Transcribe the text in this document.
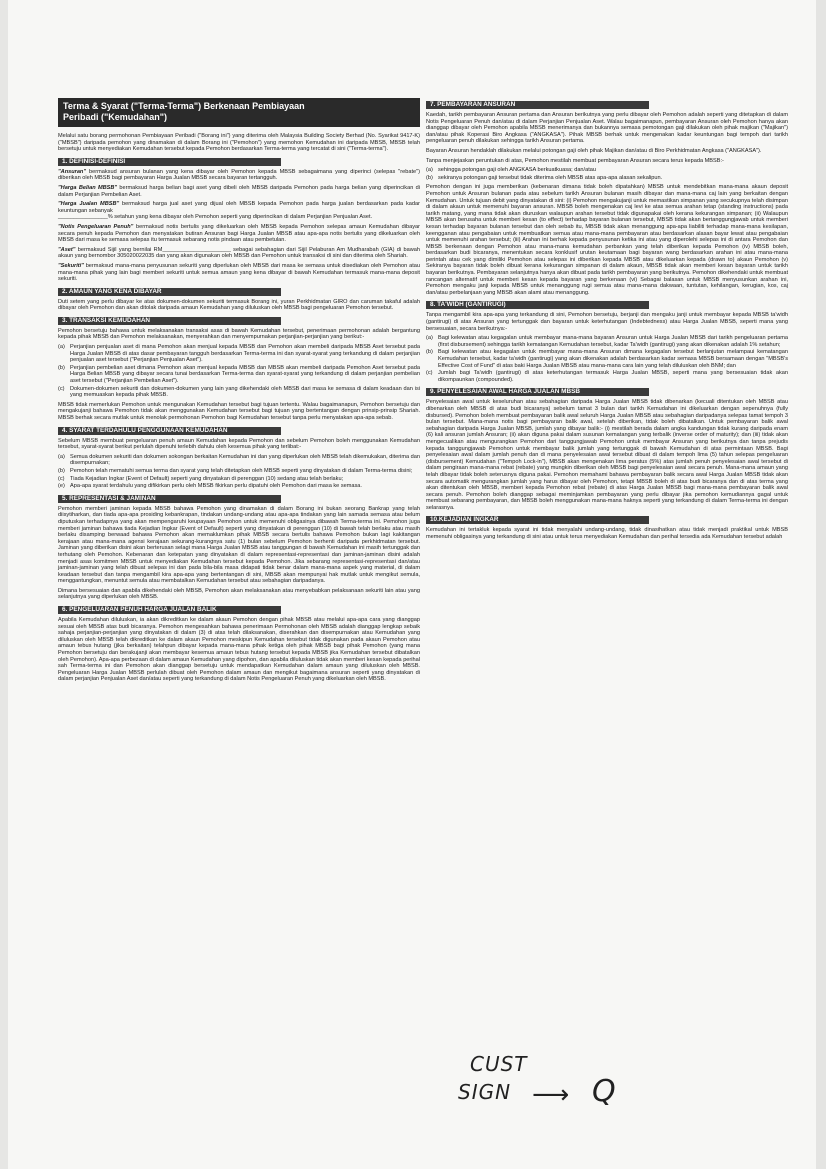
Terma & Syarat ("Terma-Terma") Berkenaan Pembiayaan
Peribadi ("Kemudahan")

Melalui satu borang permohonan Pembiayaan Peribadi ("Borang ini") yang diterima oleh Malaysia Building Society Berhad (No. Syarikat 9417-K) ("MBSB") daripada pemohon yang dinamakan di dalam Borang ini ("Pemohon") yang memohon Kemudahan ini daripada MBSB, MBSB telah bersetuju untuk menyediakan Kemudahan tersebut kepada Pemohon berdasarkan Terma-terma yang tercatat di sini ("Terma-terma").

1. DEFINISI-DEFINISI

"Ansuran" bermaksud ansuran bulanan yang kena dibayar oleh Pemohon kepada MBSB sebagaimana yang diperinci (selepas "rebate") diberikan oleh MBSB bagi pembayaran Harga Jualan MBSB secara bayaran tertangguh.

"Harga Belian MBSB" bermaksud harga belian bagi aset yang dibeli oleh MBSB daripada Pemohon pada harga belian yang diperincikan di dalam Perjanjian Pembelian Aset.

"Harga Jualan MBSB" bermaksud harga jual aset yang dijual oleh MBSB kepada Pemohon pada harga jualan berdasarkan pada kadar keuntungan sebanyak
________________% setahun yang kena dibayar oleh Pemohon seperti yang diperincikan di dalam Perjanjian Penjualan Aset.

"Notis Pengeluaran Penuh" bermaksud notis bertulis yang dikeluarkan oleh MBSB kepada Pemohon selepas amaun Kemudahan dibayar secara penuh kepada Pemohon dan menyatakan butiran Ansuran bagi Harga Jualan MBSB atau apa-apa notis bertulis yang dikeluarkan oleh MBSB dari masa ke semasa selepas itu termasuk sebarang notis pindaan atau pembetulan.

"Aset" bermaksud Sijil yang bernilai RM______________________ sebagai sebahagian dari Sijil Pelaburan Am Mudharabah (GIA) di bawah akaun yang bernombor 305020022035 dan yang akan digunakan oleh MBSB dan Pemohon untuk transaksi di sini dan diterima oleh Shariah.

"Sekuriti" bermaksud mana-mana penyusunan sekuriti yang diperlukan oleh MBSB dari masa ke semasa untuk disediakan oleh Pemohon atau mana-mana pihak yang lain bagi memberi sekuriti untuk semua amaun yang kena dibayar di bawah Kemudahan termasuk mana-mana deposit sekuriti.

2. AMAUN YANG KENA DIBAYAR

Duti setem yang perlu dibayar ke atas dokumen-dokumen sekuriti termasuk Borang ini, yuran Perkhidmatan GIRO dan caruman takaful adalah dibayar oleh Pemohon dan akan ditolak daripada amaun Kemudahan yang diluluskan oleh MBSB bagi pengeluaran Pemohon tersebut.

3. TRANSAKSI KEMUDAHAN

Pemohon bersetuju bahawa untuk melaksanakan transaksi asas di bawah Kemudahan tersebut, penerimaan permohonan adalah bergantung kepada pihak MBSB dan Pemohon melaksanakan, menyerahkan dan menyempurnakan perjanjian-perjanjian yang berikut:-

(a) Perjanjian penjualan aset di mana Pemohon akan menjual kepada MBSB dan Pemohon akan membeli daripada MBSB Aset tersebut pada Harga Jualan MBSB di atas dasar pembayaran tangguh berdasarkan Terma-terma ini dan syarat-syarat yang terkandung di dalam perjanjian penjualan aset tersebut ("Perjanjian Penjualan Aset").
(b) Perjanjian pembelian aset dimana Pemohon akan menjual kepada MBSB dan MBSB akan membeli daripada Pemohon Aset tersebut pada Harga Belian MBSB yang dibayar secara tunai berdasarkan Terma-terma dan syarat-syarat yang terkandung di dalam perjanjian pembelian aset tersebut ("Perjanjian Pembelian Aset").
(c) Dokumen-dokumen sekuriti dan dokumen-dokumen yang lain yang dikehendaki oleh MBSB dari masa ke semasa di dalam keadaan dan isi yang memuaskan kepada pihak MBSB.

MBSB tidak memerlukan Pemohon untuk mengunakan Kemudahan tersebut bagi tujuan tertentu. Walau bagaimanapun, Pemohon bersetuju dan mengakujanji bahawa Pemohon tidak akan menggunakan Kemudahan tersebut bagi tujuan yang bertentangan dengan prinsip-prinsip Shariah. MBSB berhak secara mutlak untuk menolak permohonan Pemohon bagi Kemudahan tersebut tanpa perlu menyatakan apa-apa sebab.

4. SYARAT TERDAHULU PENGGUNAAN KEMUDAHAN

Sebelum MBSB membuat pengeluaran penuh amaun Kemudahan kepada Pemohon dan sebelum Pemohon boleh menggunakan Kemudahan tersebut, syarat-syarat berikut perlulah dipenuhi terlebih dahulu oleh kesemua pihak yang terlibat:-

(a) Semua dokumen sekuriti dan dokumen sokongan berkaitan Kemudahan ini dan yang diperlukan oleh MBSB telah dikemukakan, diterima dan disempurnakan;
(b) Pemohon telah mematuhi semua terma dan syarat yang telah ditetapkan oleh MBSB seperti yang dinyatakan di dalam Terma-terma disini;
(c) Tiada Kejadian Ingkar (Event of Default) seperti yang dinyatakan di perenggan (10) sedang atau telah berlaku;
(e) Apa-apa syarat terdahulu yang difikirkan perlu oleh MBSB fikirkan perlu dipatuhi oleh Pemohon dari masa ke semasa.
5. REPRESENTASI & JAMINAN

Pemohon memberi jaminan kepada MBSB bahawa Pemohon yang dinamakan di dalam Borang ini bukan seorang Bankrap yang telah diisytiharkan, dan tiada apa-apa prosiding kebankrapan, tindakan undang-undang atau apa-apa tindakan yang lain samada semasa atau belum diputuskan terhadapnya yang akan mempengaruhi keupayaan Pemohon untuk memenuhi obligasinya dibawah Terma-terma ini. Pemohon juga memberi jaminan bahawa tiada Kejadian Ingkar (Event of Default) seperti yang dinyatakan di perenggan (10) di bawah telah berlaku atau masih berlaku disamping berwaad bahawa Pemohon akan memaklumkan pihak MBSB secara bertulis bahawa Pemohon bukan lagi kakitangan kerajaan atau mana-mana agensi kerajaan sekurang-kurangnya satu (1) bulan sebelum Pemohon berhenti daripada perkhidmatan tersebut. Jaminan yang diberikan disini akan berterusan selagi mana Harga Jualan MBSB atau tanggungan di bawah Kemudahan ini masih tertunggak dan terhutang oleh Pemohon. Kebenaran dan ketepatan yang dinyatakan di dalam representasi-representasi dan jaminan-jaminan disini adalah menjadi asas komitmen MBSB untuk menyediakan Kemudahan tersebut kepada Pemohon. Jika sebarang representasi-representasi dan/atau jaminan-jaminan yang telah dibuat selepas ini dan pada bila-bila masa didapati tidak benar dalam mana-mana aspek yang material, di dalam keadaan tersebut dan tanpa mengambil kira apa-apa yang bertentangan di sini, MBSB akan mempunyai hak mutlak untuk mengikut semula, menggantungkan, menuntut semula atau membatalkan Kemudahan tersebut atau sebahagian daripadanya.

Dimana bersesuaian dan apabila dikehendaki oleh MBSB, Pemohon akan melaksanakan atau menyebabkan pelaksanaan sekuriti lain atau yang selanjutnya yang diperlukan oleh MBSB.

6. PENGELUARAN PENUH HARGA JUALAN BALIK

Apabila Kemudahan diluluskan, ia akan dikreditkan ke dalam akaun Pemohon dengan pihak MBSB atau melalui apa-apa cara yang dianggap sesuai oleh MBSB atas budi bicaranya. Pemohon mengesahkan bahawa penerimaan Permohonan oleh MBSB adalah dianggap lengkap sebaik sahaja perjanjian-perjanjian yang dinyatakan di dalam (3) di atas telah dilaksanakan, diserahkan dan disempurnakan atau Kemudahan yang diluluskan oleh MBSB telah dikreditkan ke dalam akaun Pemohon meskipun Kemudahan tersebut tidak digunakan pada akaun Pemohon atau amaun tebus hutang (jika berkaitan) telahpun dibayar kepada mana-mana pihak ketiga oleh pihak MBSB bagi pihak Pemohon (yang mana Pemohon bersetuju dan berakujanji akan membayar kesemua amaun tebus hutang tersebut kepada MBSB jika Kemudahan tersebut dibatalkan oleh Pemohon). Apa-apa perbezaan di dalam amaun Kemudahan yang dipohon, dan apabila diluluskan tidak akan memberi kesan kepada perihal sah Terma-terma ini dan Pemohon akan dianggap bersetuju untuk mendapatkan Kemudahan dalam amaun yang diluluskan oleh MBSB. Pengeluaran Harga Jualan MBSB perlulah dibuat oleh Pemohon dalam amaun dan mengikut bagaimana ansuran seperti yang dinyatakan di dalam perjanjian Penjualan Aset dan/atau seperti yang terkandung di dalam Notis Pengeluaran Penuh yang dikeluarkan oleh MBSB.

7. PEMBAYARAN ANSURAN

Kaedah, tarikh pembayaran Ansuran pertama dan Ansuran berikutnya yang perlu dibayar oleh Pemohon adalah seperti yang ditetapkan di dalam Notis Pengeluaran Penuh dan/atau di dalam Perjanjian Penjualan Aset. Walau bagaimanapun, pembayaran Ansuran oleh Pemohon hanya akan dianggap dibayar oleh Pemohon apabila MBSB menerimanya dan bukannya semasa pemotongan gaji dilakukan oleh pihak majikan ("Majikan") dan/atau pihak Koperasi Biro Angkasa ("ANGKASA"). Pihak MBSB berhak untuk mengenakan kadar keuntungan bagi tempoh dari tarikh pengeluaran penuh dilakukan sehingga tarikh Ansuran pertama.

Bayaran Ansuran hendaklah dilakukan melalui potongan gaji oleh pihak Majikan dan/atau di Biro Perkhidmatan Angkasa ("ANGKASA").

Tanpa menjejaskan peruntukan di atas, Pemohon mestilah membuat pembayaran Ansuran secara terus kepada MBSB:-

(a) sehingga potongan gaji oleh ANGKASA berkuatkuasa; dan/atau
(b) sekiranya potongan gaji tersebut tidak diterima oleh MBSB atas apa-apa alasan sekalipun.

Pemohon dengan ini juga memberikan (kebenaran dimana tidak boleh dipatahkan) MBSB untuk mendebitkan mana-mana akaun deposit Pemohon untuk Ansuran bulanan pada atau sebelum tarikh Ansuran bulanan masih dibayar dan mana-mana caj lain yang berkaitan dengan Kemudahan. Untuk tujuan debit yang dinyatakan di sini: (i) Pemohon mengakujanji untuk memastikan simpanan yang secukupnya telah disimpan di dalam akaun untuk memenuhi bayaran ansuran. MBSB boleh mengenakan caj levi ke atas semua arahan tetap (standing instructions) pada tarikh matang, yang mana tidak akan diuruskan walaupun arahan tersebut tidak digunapakai oleh kerana kekurangan simpanan; (ii) Walaupun MBSB akan berusaha untuk memberi kesan (to effect) terhadap bayaran bulanan tersebut, MBSB tidak akan bertanggungjawab untuk memberi kesan terhadap bayaran bulanan tersebut dan oleh sebab itu, MBSB tidak akan menanggung apa-apa liabiliti terhadap mana-mana kesilapan, keengganan atau pengabaian untuk membuatkan semua atau mana-mana pembayaran atau berdasarkan alasan bayar lewat atau pengabaian untuk memenuhi arahan tersebut; (iii) Arahan ini berhak kepada penyusunan ketika ini atau yang diperolehi selepas ini di antara Pemohon dan MBSB berkenaan dengan Pemohon atau mana-mana kemudahan perbankan yang telah diberikan kepada Pemohon (iv) MBSB boleh, berdasarkan budi bicaranya, menentukan secara konklusif urutan keutamaan bagi bayaran wang berdasarkan arahan ini atau mana-mana perintah atau cek yang dimiliki Pemohon atau selepas ini diberikan kepada MBSB atau dikeluarkan kepada (drawn to) akaun Pemohon (v) Sekiranya bayaran tidak boleh dibuat kerana kekurangan simpanan di dalam akaun, MBSB tidak akan memberi kesan bayaran untuk tarikh bayaran berikutnya. Pembayaran selanjutnya hanya akan dibuat pada tarikh pembayaran yang berikutnya. Pemohon dikehendaki untuk membuat rancangan alternatif untuk memberi kesan kepada bayaran yang berkenaan (vi) Sebagai balasan untuk MBSB menyusunkan arahan ini, Pemohon mengaku janji kepada MBSB untuk menanggung rugi semua atau mana-mana dakwaan, tuntutan, kehilangan, kerugian, kos, caj dan/atau perbelanjaan yang MBSB akan alami atau menanggung.

8. TA'WIDH (GANTIRUGI)

Tanpa mengambil kira apa-apa yang terkandung di sini, Pemohon bersetuju, berjanji dan mengaku janji untuk membayar kepada MBSB ta'widh (gantirugi) di atas Ansuran yang tertunggak dan bayaran untuk keterhutangan (Indebtedness) atau Harga Jualan MBSB, seperti mana yang bersesuaian, secara berikutnya:-

(a) Bagi kelewatan atau kegagalan untuk membayar mana-mana bayaran Ansuran untuk Harga Jualan MBSB dari tarikh pengeluaran pertama (first disbursement) sehingga tarikh kematangan Kemudahan tersebut, kadar Ta'widh (gantirugi) yang akan dikenakan adalah 1% setahun;
(b) Bagi kelewatan atau kegagalan untuk membayar mana-mana Ansuran dimana kegagalan tersebut berlanjutan melampaui kematangan Kemudahan tersebut, kadar ta'widh (gantirugi) yang akan dikenakan adalah berdasarkan kadar semasa MBSB bersamaan dengan "MBSB's Effective Cost of Fund" di atas baki Harga Jualan MBSB atau mana-mana cara lain yang telah diluluskan oleh BNM; dan
(c) Jumlah bagi Ta'widh (gantirugi) di atas keterhutangan termasuk Harga Jualan MBSB, seperti mana yang bersesuaian tidak akan dikompaunkan (compounded).
9. PENYELESAIAN AWAL HARGA JUALAN MBSB

Penyelesaian awal untuk keseluruhan atau sebahagian daripada Harga Jualan MBSB tidak dibenarkan (kecuali ditentukan oleh MBSB atau dibenarkan oleh MBSB di atas budi bicaranya) sebelum tamat 3 bulan dari tarikh Kemudahan ini dikeluarkan dengan sepenuhnya (fully disbursed). Pemohon boleh membuat pembayaran balik awal seluruh Harga Jualan MBSB atau sebahagian daripadanya selepas tamat tempoh 3 bulan tersebut. Mana-mana notis bagi pembayaran balik awal, setelah diberikan, tidak boleh dibatalkan. Untuk pembayaran balik awal sebahagian daripada Harga Jualan MBSB, jumlah yang dibayar balik:- (i) mestilah berada dalam angka kandungan tidak kurang daripada enam (6) kali ansuran jumlah Ansuran; (ii) akan diguna pakai dalam susunan kematangan yang terbalik (inverse order of maturity); dan (iii) tidak akan mengecualikan atau mengurangkan Pemohon dari tanggungjawab Pemohon untuk membayar Ansuran yang berikutnya dan tanpa prejudis kepada tanggungjawab Pemohon untuk membayar balik jumlah yang tertunggak di bawah Kemudahan di atas permintaan MBSB. Bagi penyelesaian awal dalam jumlah penuh dan di mana penyelesaian awal tersebut dibuat di dalam tempoh lima (5) tahun selepas pengeluaran (disbursement) Kemudahan ("Tempoh Lock-in"), MBSB akan mengenakan lima peratus (5%) atas jumlah penuh penyelesaian awal tersebut di dalam pengiraan mana-mana rebat (rebate) yang mungkin diberikan oleh MBSB bagi penyelesaian awal secara penuh. Mana-mana amaun yang telah dibayar tidak boleh seterusnya diguna pakai. Pemohon memahami bahawa pembayaran balik secara awal Harga Jualan MBSB tidak akan secara automatik mengurangkan jumlah yang harus dibayar oleh Pemohon, tetapi MBSB boleh di atas budi bicaranya dan di atas terma yang akan ditentukan oleh MBSB, memberi kepada Pemohon rebat (rebate) di atas Harga Jualan MBSB bagi mana-mana pembayaran balik awal secara penuh. Pemohon boleh dianggap sebagai meminjamkan pembayaran yang perlu dibayar jika pemohon kemudiannya gagal untuk membuat sebarang pembayaran, dan MBSB boleh menggunakan mana-mana haknya seperti yang terkandung di dalam Terma-terma ini dengan selarasnya.

10.KEJADIAN INGKAR

Kemudahan ini tertakluk kepada syarat ini tidak menyalahi undang-undang, tidak dinasihatkan atau tidak menjadi praktikal untuk MBSB memenuhi obligasinya yang terkandung di sini atau untuk terus menyediakan Kemudahan dan perihal tersedia ada Kemudahan tersebut adalah

CUST
SIGN ⟶ Q
